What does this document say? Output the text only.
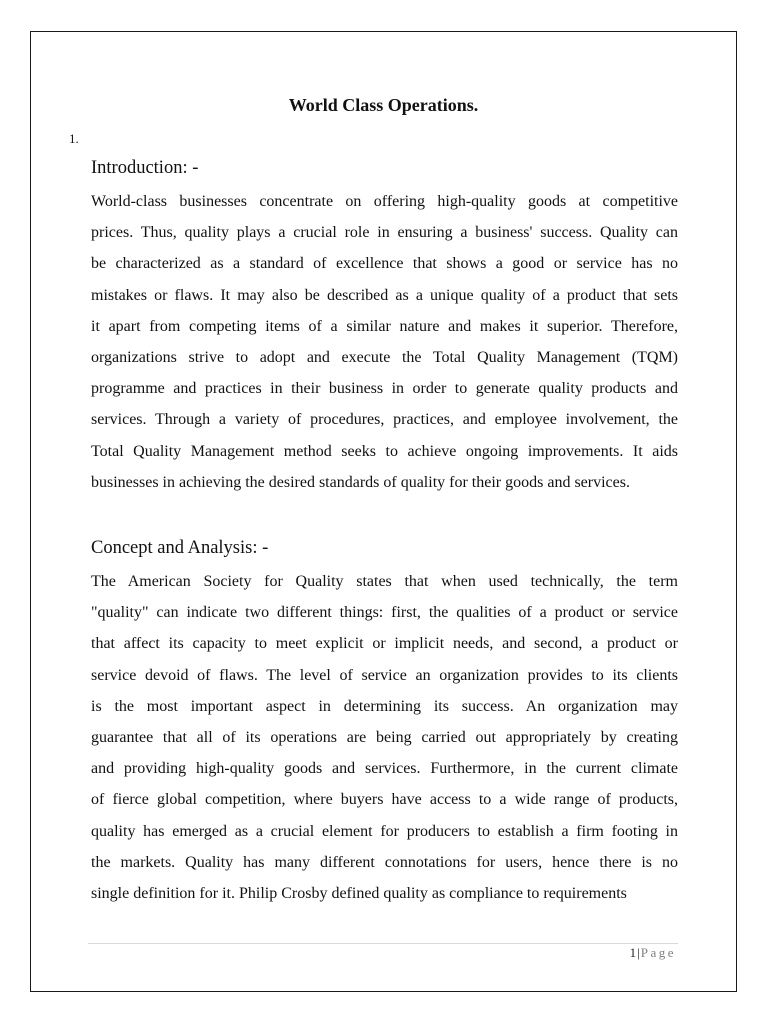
World Class Operations.
1.
Introduction: -
World-class businesses concentrate on offering high-quality goods at competitive
prices. Thus, quality plays a crucial role in ensuring a business' success. Quality can
be characterized as a standard of excellence that shows a good or service has no
mistakes or flaws. It may also be described as a unique quality of a product that sets
it apart from competing items of a similar nature and makes it superior. Therefore,
organizations strive to adopt and execute the Total Quality Management (TQM)
programme and practices in their business in order to generate quality products and
services. Through a variety of procedures, practices, and employee involvement, the
Total Quality Management method seeks to achieve ongoing improvements. It aids
businesses in achieving the desired standards of quality for their goods and services.
Concept and Analysis: -
The American Society for Quality states that when used technically, the term
"quality" can indicate two different things: first, the qualities of a product or service
that affect its capacity to meet explicit or implicit needs, and second, a product or
service devoid of flaws. The level of service an organization provides to its clients
is the most important aspect in determining its success. An organization may
guarantee that all of its operations are being carried out appropriately by creating
and providing high-quality goods and services. Furthermore, in the current climate
of fierce global competition, where buyers have access to a wide range of products,
quality has emerged as a crucial element for producers to establish a firm footing in
the markets. Quality has many different connotations for users, hence there is no
single definition for it. Philip Crosby defined quality as compliance to requirements
1|Page
